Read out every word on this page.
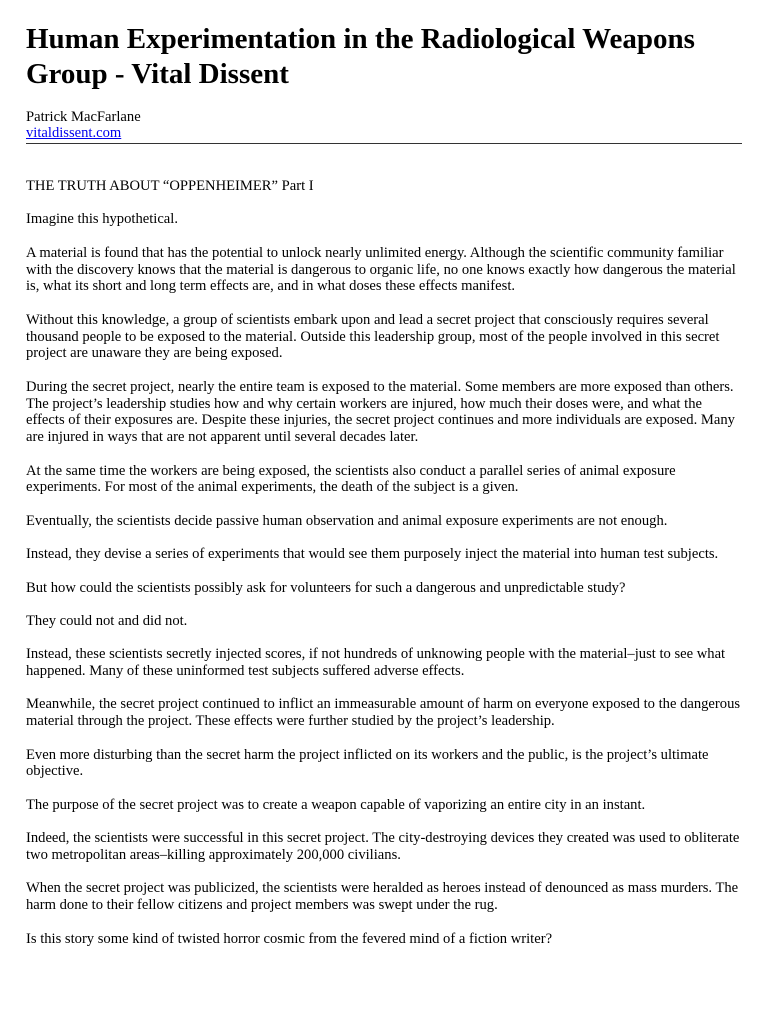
Human Experimentation in the Radiological Weapons Group - Vital Dissent
Patrick MacFarlane
vitaldissent.com

THE TRUTH ABOUT “OPPENHEIMER” Part I

Imagine this hypothetical.

A material is found that has the potential to unlock nearly unlimited energy. Although the scientific community familiar with the discovery knows that the material is dangerous to organic life, no one knows exactly how dangerous the material is, what its short and long term effects are, and in what doses these effects manifest.

Without this knowledge, a group of scientists embark upon and lead a secret project that consciously requires several thousand people to be exposed to the material. Outside this leadership group, most of the people involved in this secret project are unaware they are being exposed.

During the secret project, nearly the entire team is exposed to the material. Some members are more exposed than others. The project’s leadership studies how and why certain workers are injured, how much their doses were, and what the effects of their exposures are. Despite these injuries, the secret project continues and more individuals are exposed. Many are injured in ways that are not apparent until several decades later.

At the same time the workers are being exposed, the scientists also conduct a parallel series of animal exposure experiments. For most of the animal experiments, the death of the subject is a given.

Eventually, the scientists decide passive human observation and animal exposure experiments are not enough.

Instead, they devise a series of experiments that would see them purposely inject the material into human test subjects.

But how could the scientists possibly ask for volunteers for such a dangerous and unpredictable study?

They could not and did not.

Instead, these scientists secretly injected scores, if not hundreds of unknowing people with the material–just to see what happened. Many of these uninformed test subjects suffered adverse effects.

Meanwhile, the secret project continued to inflict an immeasurable amount of harm on everyone exposed to the dangerous material through the project. These effects were further studied by the project’s leadership.

Even more disturbing than the secret harm the project inflicted on its workers and the public, is the project’s ultimate objective.

The purpose of the secret project was to create a weapon capable of vaporizing an entire city in an instant.

Indeed, the scientists were successful in this secret project. The city-destroying devices they created was used to obliterate two metropolitan areas–killing approximately 200,000 civilians.

When the secret project was publicized, the scientists were heralded as heroes instead of denounced as mass murders. The harm done to their fellow citizens and project members was swept under the rug.

Is this story some kind of twisted horror cosmic from the fevered mind of a fiction writer?
